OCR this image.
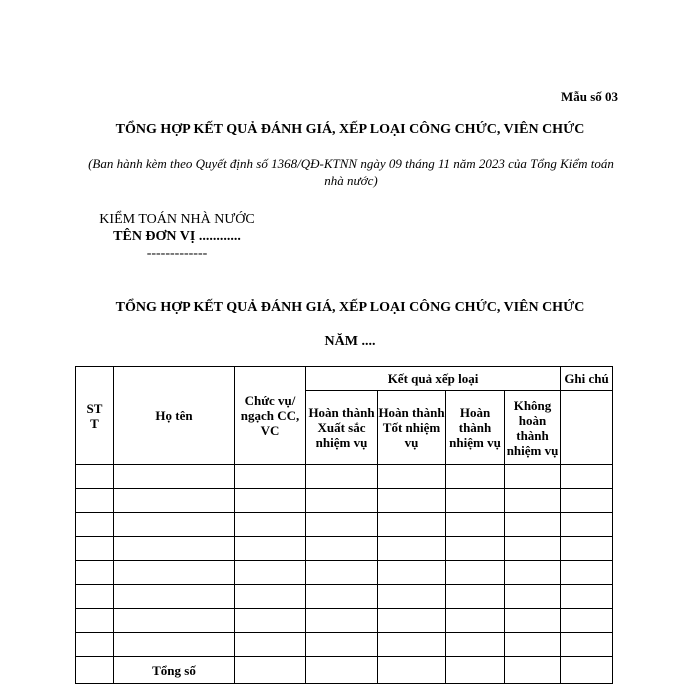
Mẫu số 03
TỔNG HỢP KẾT QUẢ ĐÁNH GIÁ, XẾP LOẠI CÔNG CHỨC, VIÊN CHỨC
(Ban hành kèm theo Quyết định số 1368/QĐ-KTNN ngày 09 tháng 11 năm 2023 của Tổng Kiểm toán nhà nước)
KIỂM TOÁN NHÀ NƯỚC
TÊN ĐƠN VỊ ............
-------------
TỔNG HỢP KẾT QUẢ ĐÁNH GIÁ, XẾP LOẠI CÔNG CHỨC, VIÊN CHỨC
NĂM ....
ST T	Họ tên	Chức vụ/ ngạch CC, VC	Kết quả xếp loại				Ghi chú
			Hoàn thành Xuất sắc nhiệm vụ	Hoàn thành Tốt nhiệm vụ	Hoàn thành nhiệm vụ	Không hoàn thành nhiệm vụ	

	Tổng số						
